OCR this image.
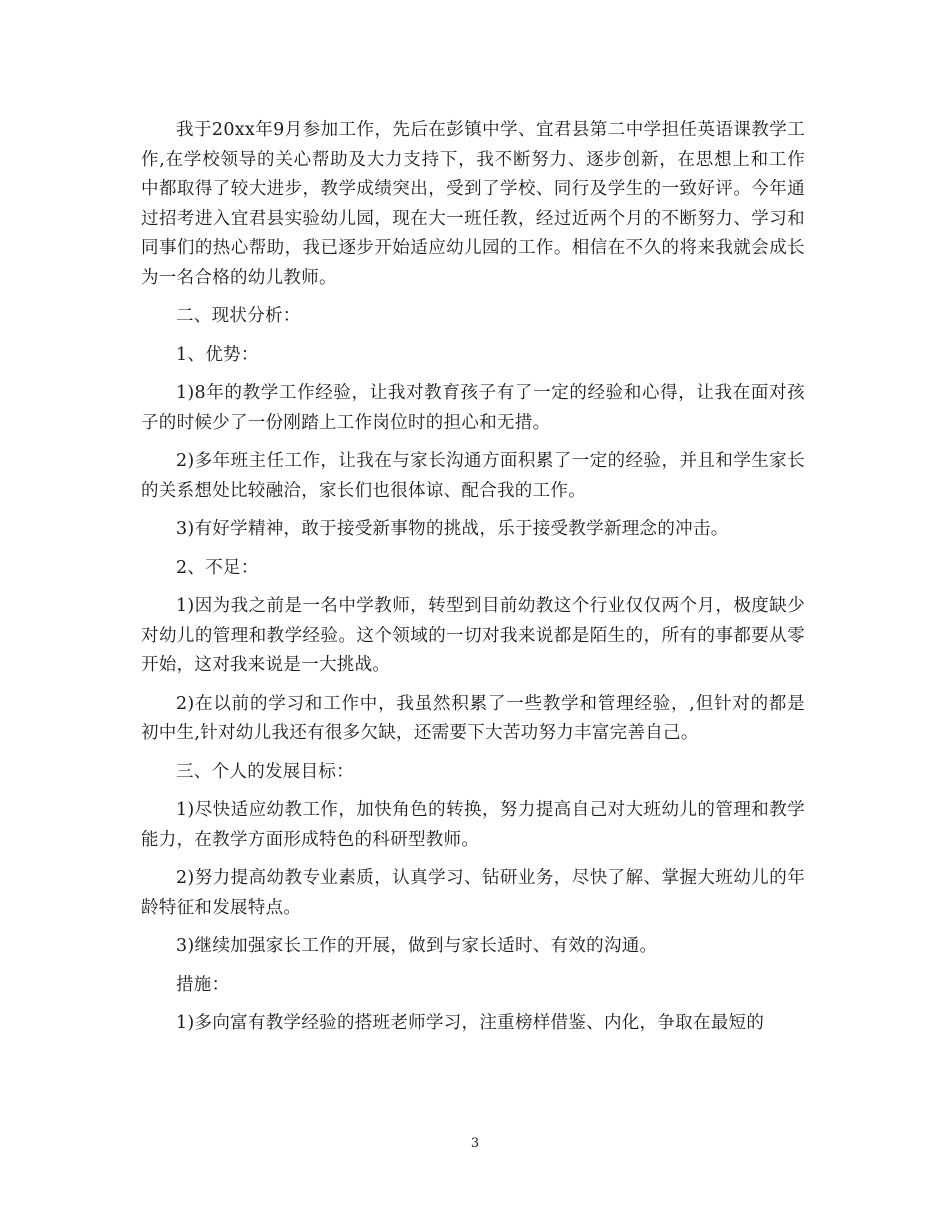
我于20xx年9月参加工作，先后在彭镇中学、宜君县第二中学担任英语课教学工作,在学校领导的关心帮助及大力支持下，我不断努力、逐步创新，在思想上和工作中都取得了较大进步，教学成绩突出，受到了学校、同行及学生的一致好评。今年通过招考进入宜君县实验幼儿园，现在大一班任教，经过近两个月的不断努力、学习和同事们的热心帮助，我已逐步开始适应幼儿园的工作。相信在不久的将来我就会成长为一名合格的幼儿教师。

二、现状分析：

1、优势：

1)8年的教学工作经验，让我对教育孩子有了一定的经验和心得，让我在面对孩子的时候少了一份刚踏上工作岗位时的担心和无措。

2)多年班主任工作，让我在与家长沟通方面积累了一定的经验，并且和学生家长的关系想处比较融洽，家长们也很体谅、配合我的工作。

3)有好学精神，敢于接受新事物的挑战，乐于接受教学新理念的冲击。

2、不足：

1)因为我之前是一名中学教师，转型到目前幼教这个行业仅仅两个月，极度缺少对幼儿的管理和教学经验。这个领域的一切对我来说都是陌生的，所有的事都要从零开始，这对我来说是一大挑战。

2)在以前的学习和工作中，我虽然积累了一些教学和管理经验，,但针对的都是初中生,针对幼儿我还有很多欠缺，还需要下大苦功努力丰富完善自己。

三、个人的发展目标：

1)尽快适应幼教工作，加快角色的转换，努力提高自己对大班幼儿的管理和教学能力，在教学方面形成特色的科研型教师。

2)努力提高幼教专业素质，认真学习、钻研业务，尽快了解、掌握大班幼儿的年龄特征和发展特点。

3)继续加强家长工作的开展，做到与家长适时、有效的沟通。

措施：

1)多向富有教学经验的搭班老师学习，注重榜样借鉴、内化，争取在最短的

3
